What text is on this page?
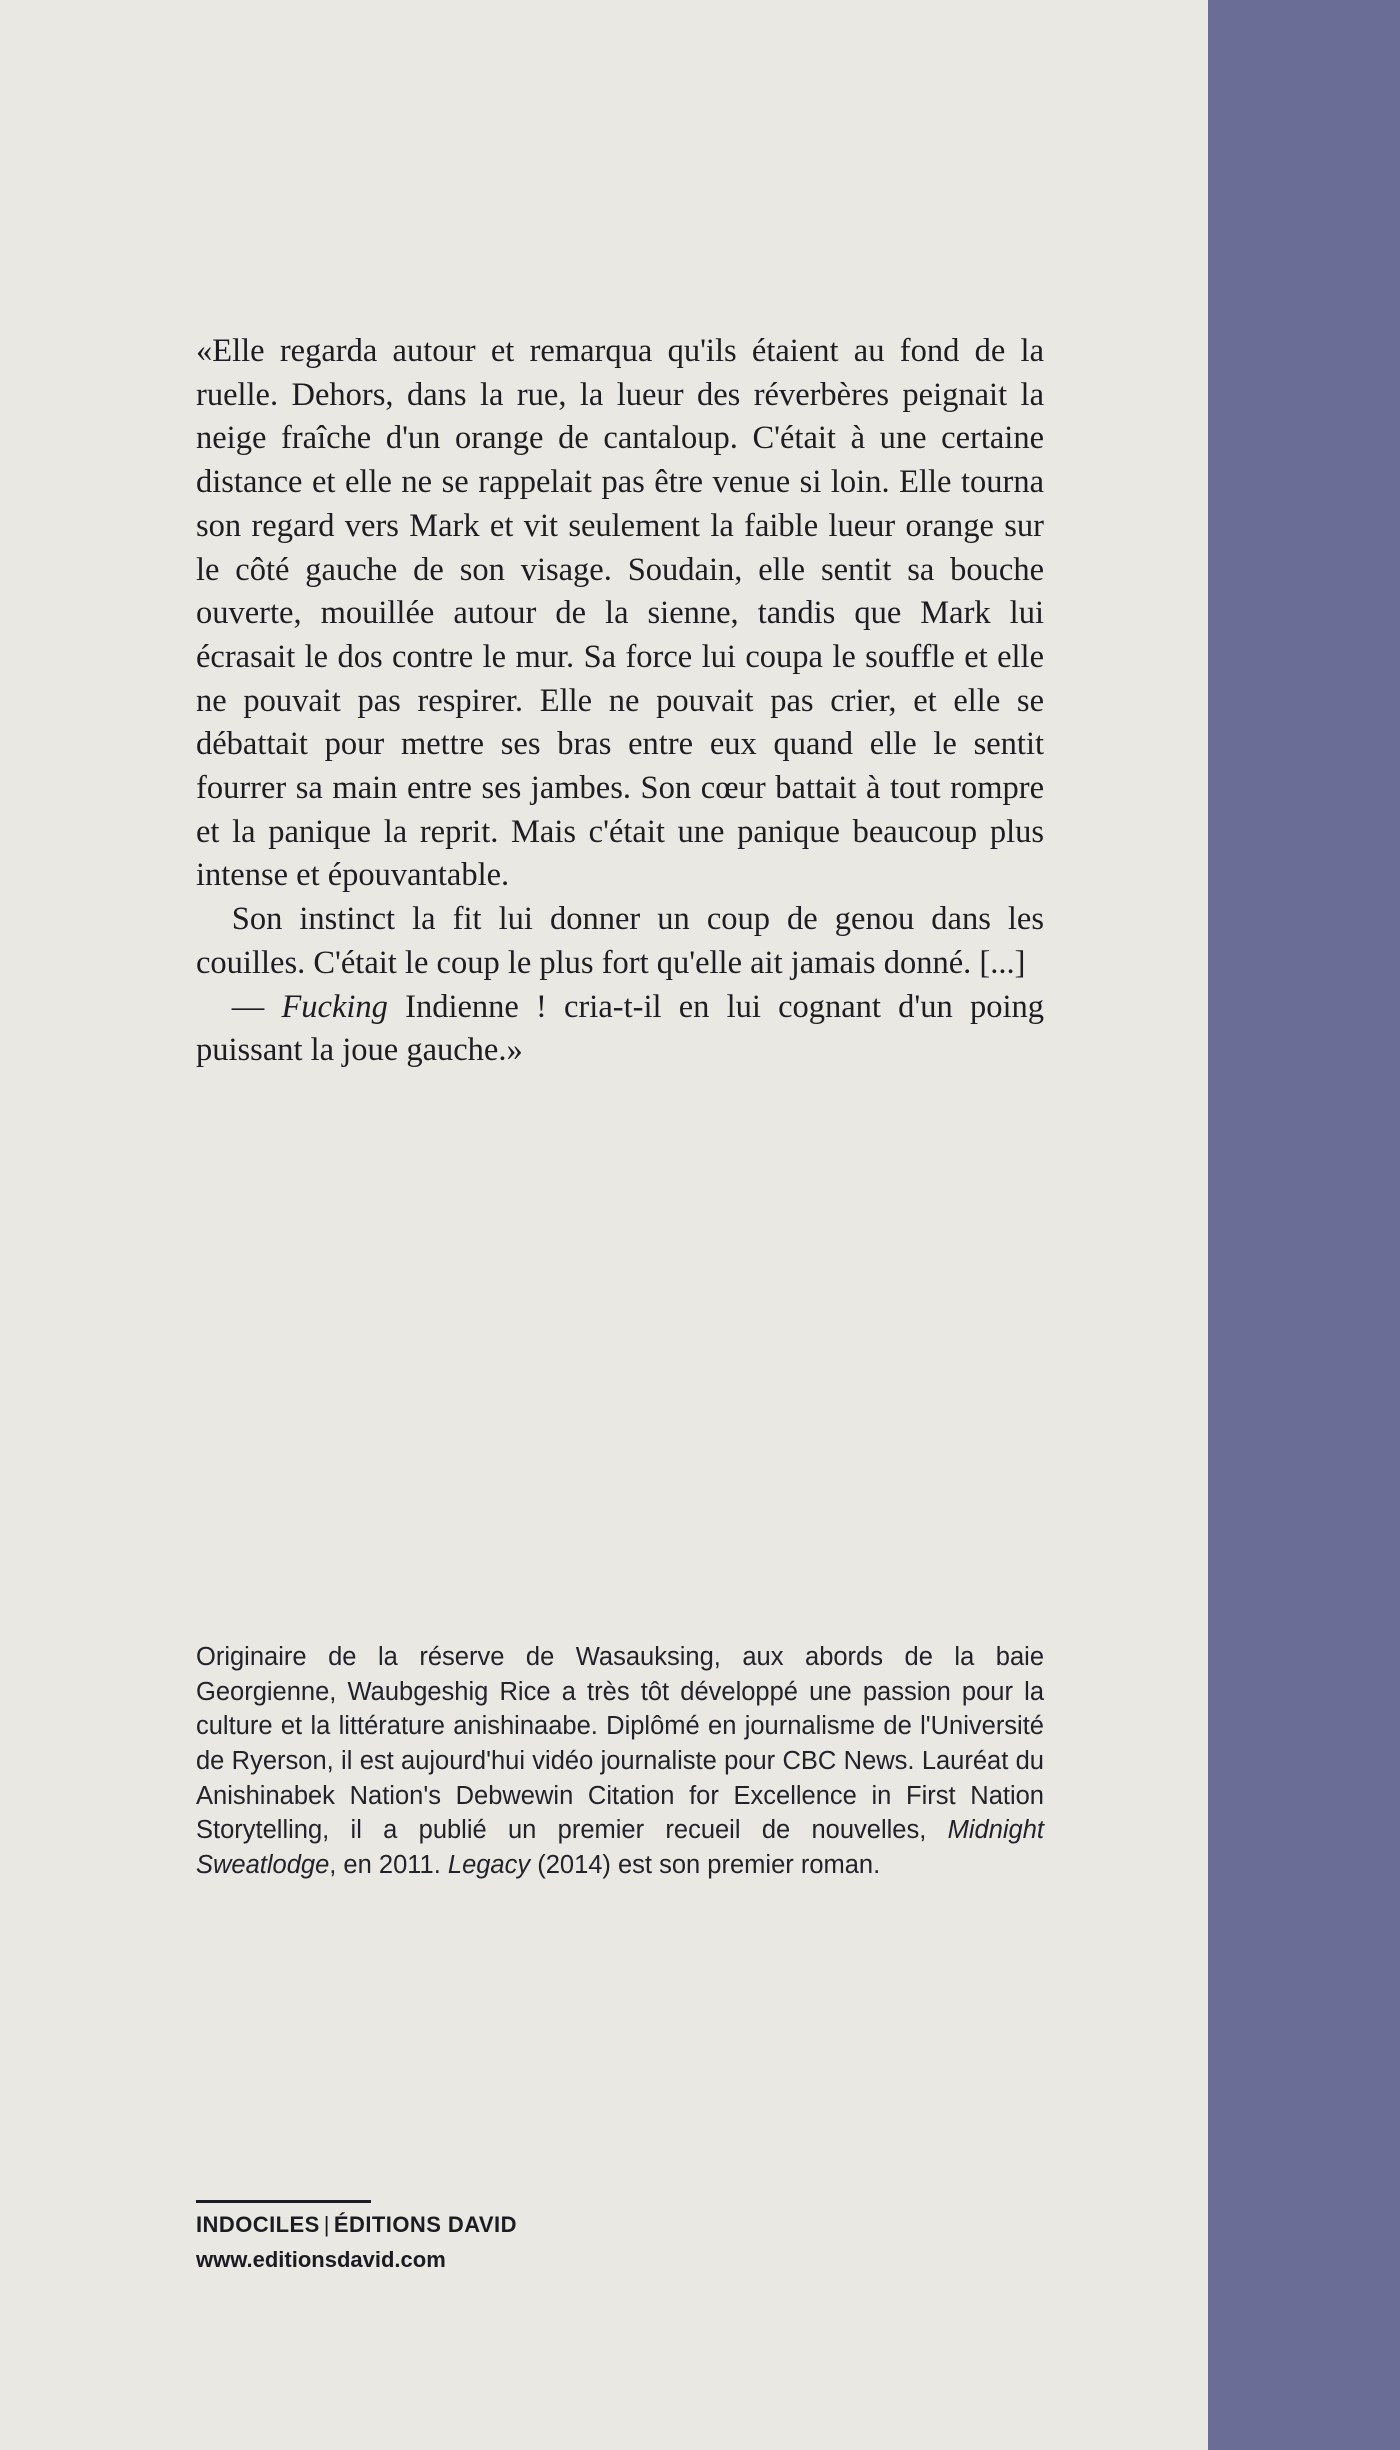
«Elle regarda autour et remarqua qu'ils étaient au fond de la ruelle. Dehors, dans la rue, la lueur des réverbères peignait la neige fraîche d'un orange de cantaloup. C'était à une certaine distance et elle ne se rappelait pas être venue si loin. Elle tourna son regard vers Mark et vit seulement la faible lueur orange sur le côté gauche de son visage. Soudain, elle sentit sa bouche ouverte, mouillée autour de la sienne, tandis que Mark lui écrasait le dos contre le mur. Sa force lui coupa le souffle et elle ne pouvait pas respirer. Elle ne pouvait pas crier, et elle se débattait pour mettre ses bras entre eux quand elle le sentit fourrer sa main entre ses jambes. Son cœur battait à tout rompre et la panique la reprit. Mais c'était une panique beaucoup plus intense et épouvantable.

Son instinct la fit lui donner un coup de genou dans les couilles. C'était le coup le plus fort qu'elle ait jamais donné. [...]

— Fucking Indienne ! cria-t-il en lui cognant d'un poing puissant la joue gauche.»

Originaire de la réserve de Wasauksing, aux abords de la baie Georgienne, Waubgeshig Rice a très tôt développé une passion pour la culture et la littérature anishinaabe. Diplômé en journalisme de l'Université de Ryerson, il est aujourd'hui vidéo journaliste pour CBC News. Lauréat du Anishinabek Nation's Debwewin Citation for Excellence in First Nation Storytelling, il a publié un premier recueil de nouvelles, Midnight Sweatlodge, en 2011. Legacy (2014) est son premier roman.
INDOCILES | ÉDITIONS DAVID
www.editionsdavid.com
